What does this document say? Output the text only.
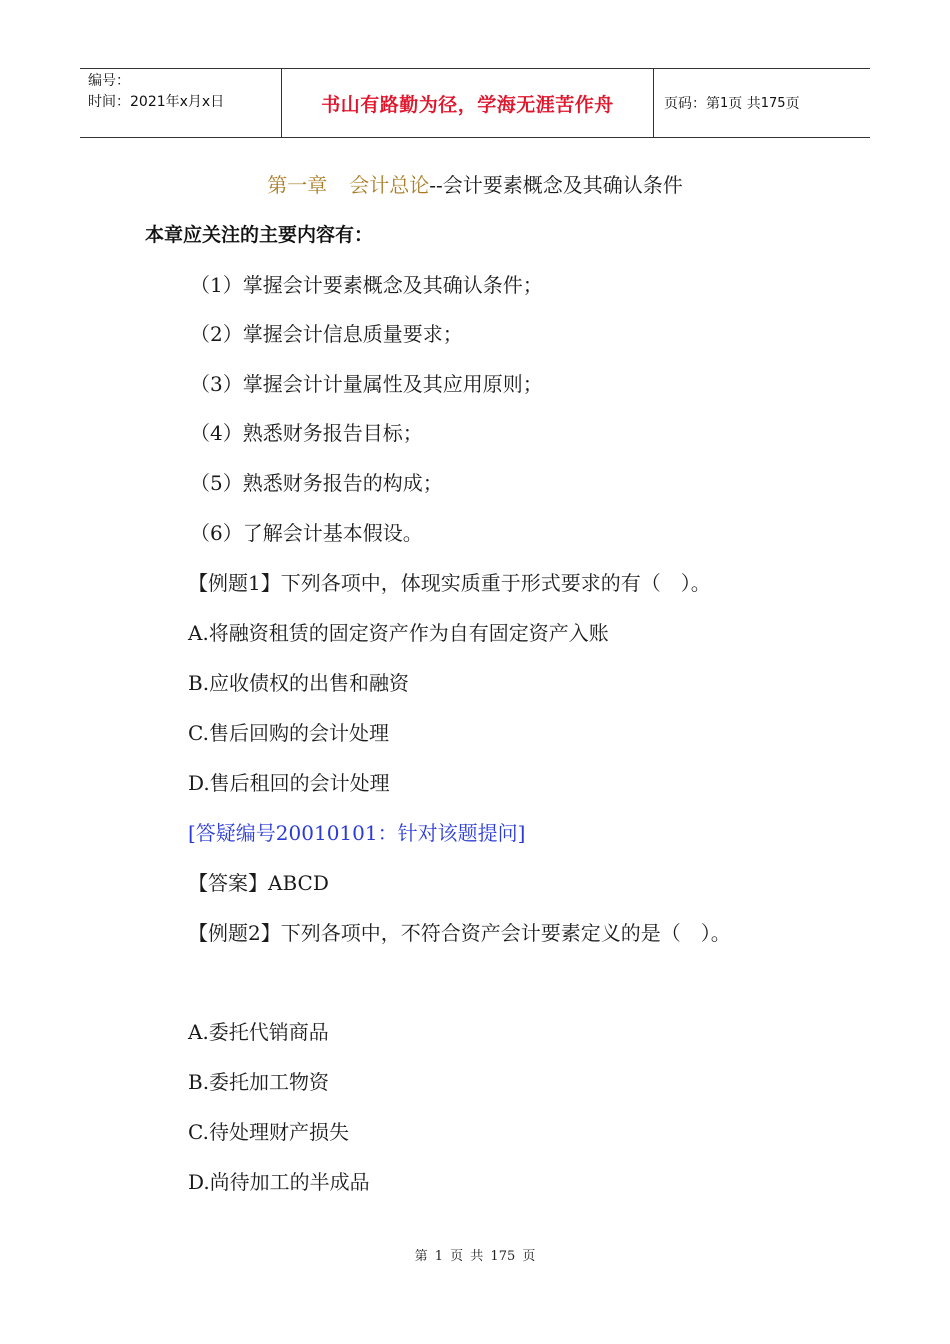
编号：
时间：2021年x月x日	书山有路勤为径，学海无涯苦作舟	页码：第 1 页 共 175 页
第一章 会计总论--会计要素概念及其确认条件
本章应关注的主要内容有：
（1）掌握会计要素概念及其确认条件；
（2）掌握会计信息质量要求；
（3）掌握会计计量属性及其应用原则；
（4）熟悉财务报告目标；
（5）熟悉财务报告的构成；
（6）了解会计基本假设。
【例题1】下列各项中，体现实质重于形式要求的有（　）。
A.将融资租赁的固定资产作为自有固定资产入账
B.应收债权的出售和融资
C.售后回购的会计处理
D.售后租回的会计处理
[答疑编号20010101：针对该题提问]
【答案】ABCD
【例题2】下列各项中，不符合资产会计要素定义的是（　）。
A.委托代销商品
B.委托加工物资
C.待处理财产损失
D.尚待加工的半成品
第 1 页 共 175 页
